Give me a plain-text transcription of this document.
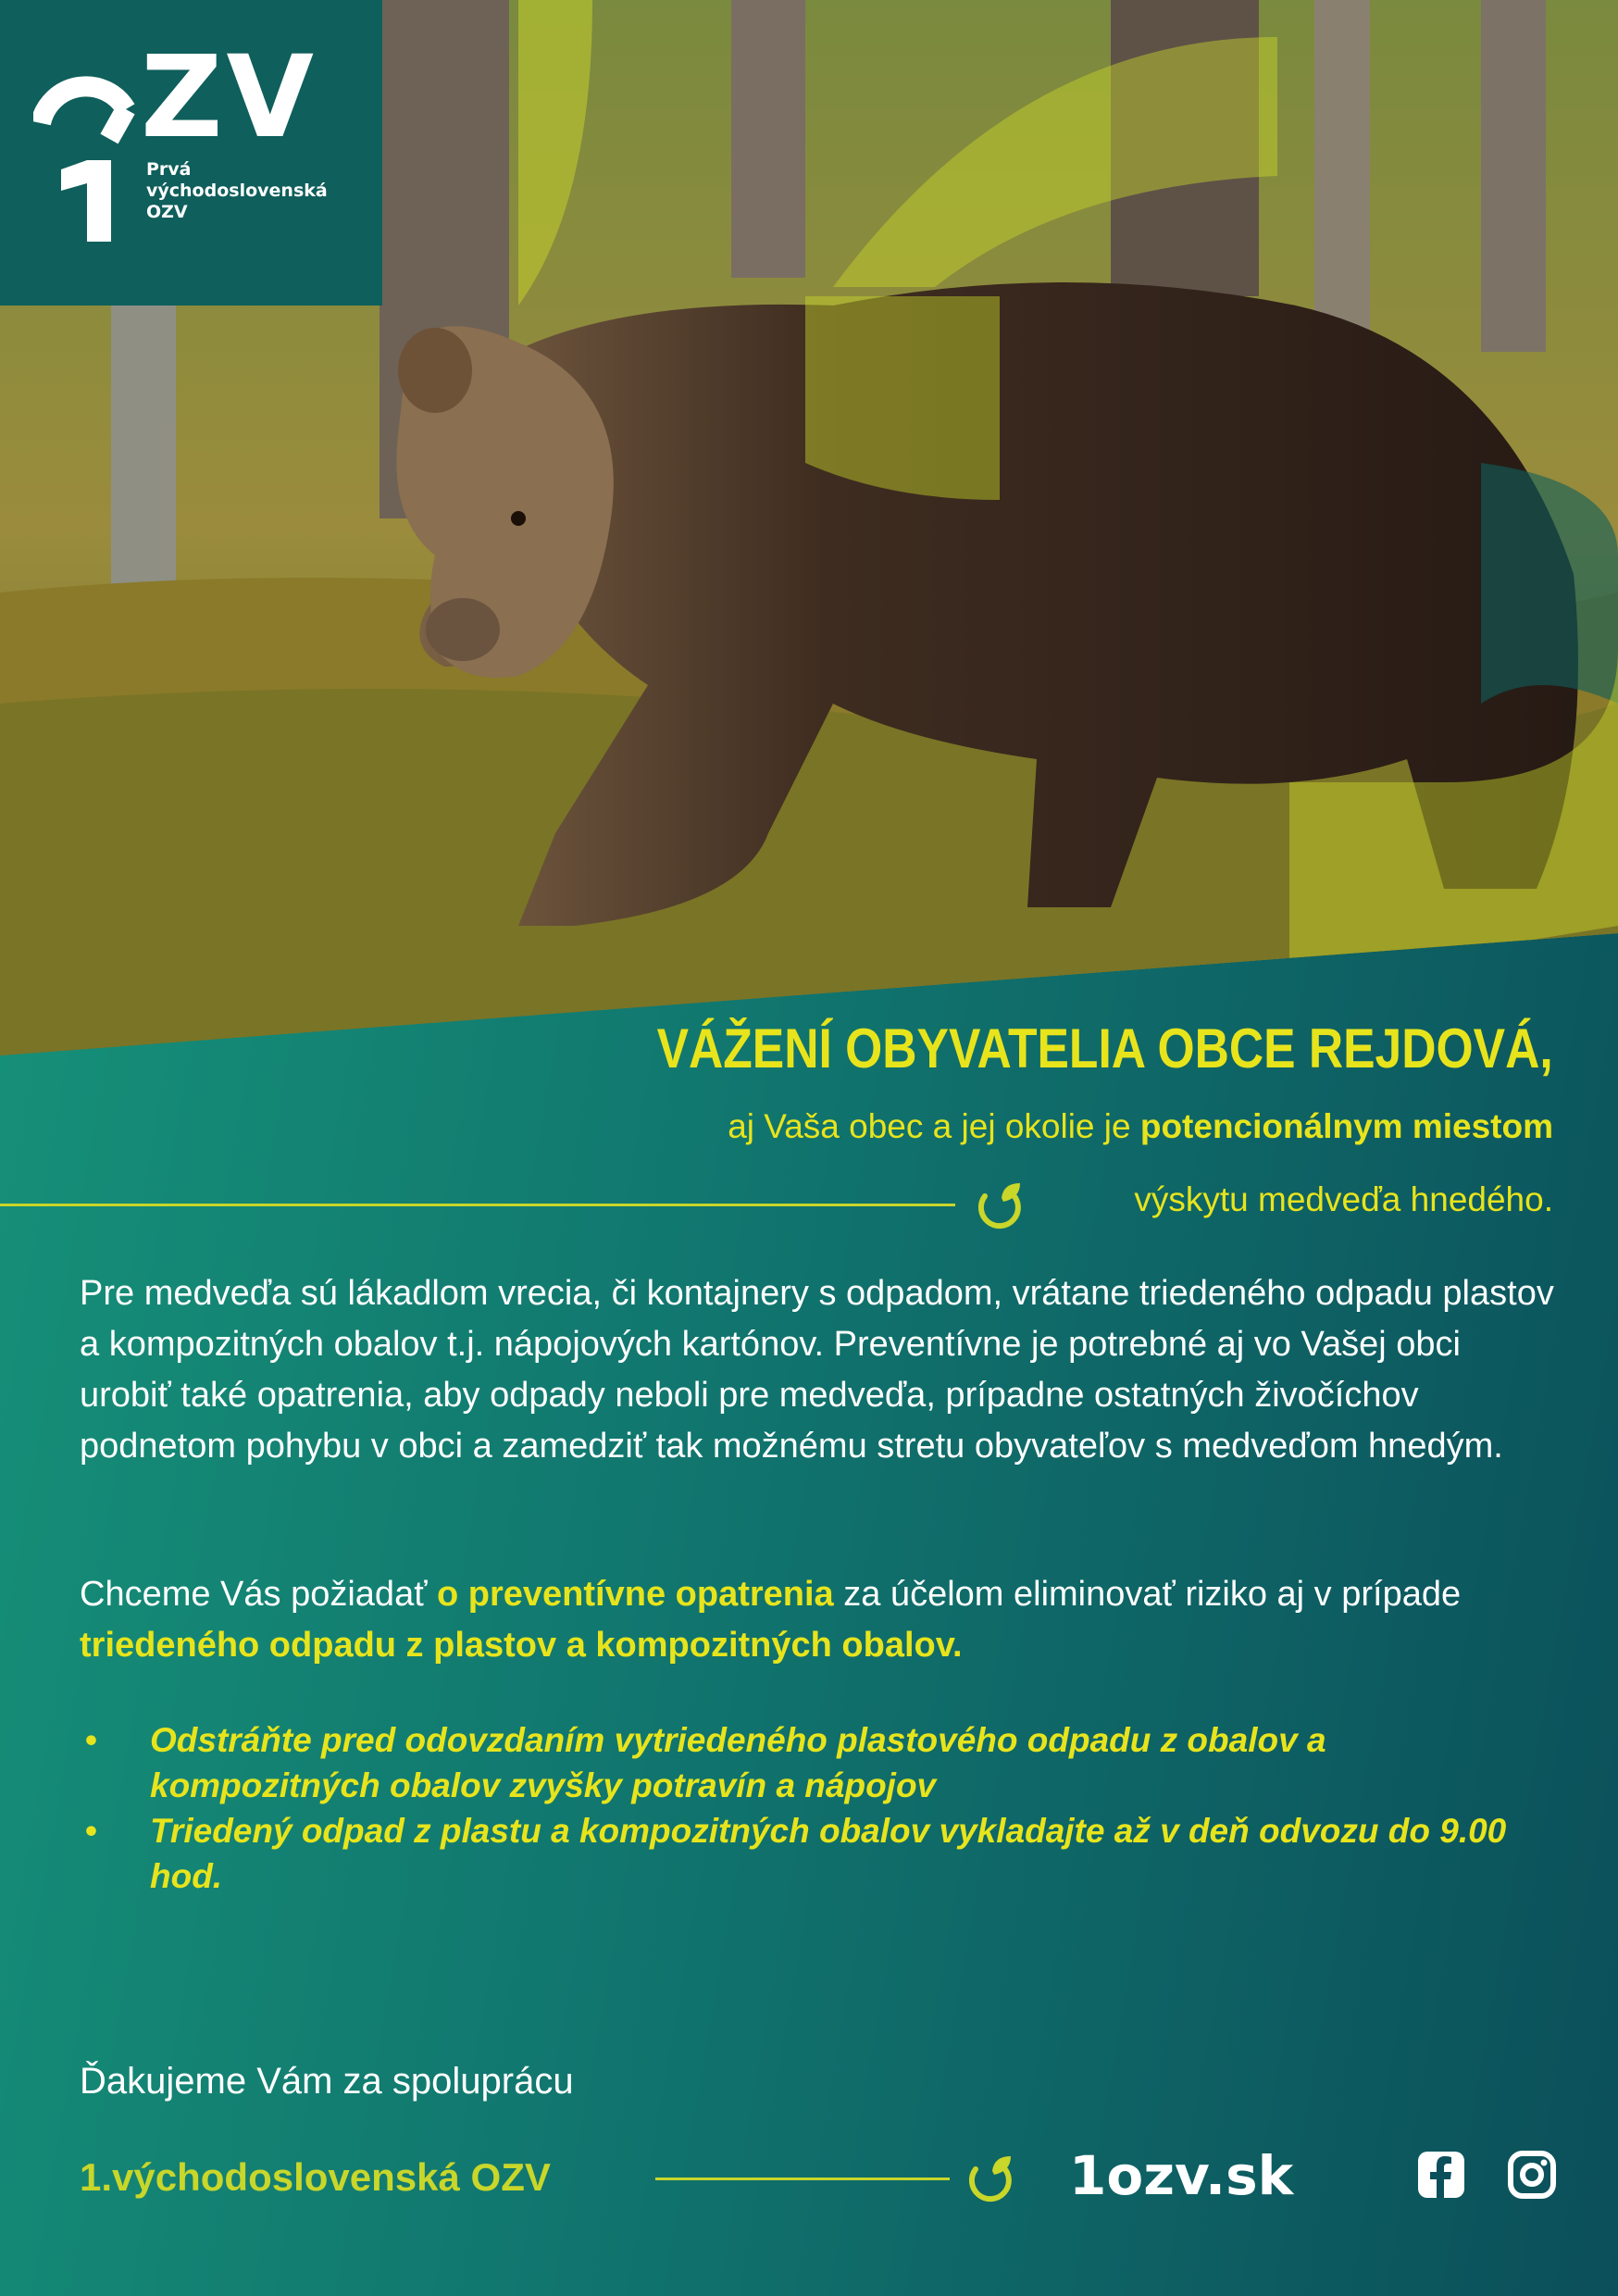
ZV
Prvá
východoslovenská
OZV
VÁŽENÍ OBYVATELIA OBCE REJDOVÁ,

aj Vaša obec a jej okolie je potencionálnym miestom

výskytu medveďa hnedého.

Pre medveďa sú lákadlom vrecia, či kontajnery s odpadom, vrátane triedeného odpadu plastov a kompozitných obalov t.j. nápojových kartónov. Preventívne je potrebné aj vo Vašej obci urobiť také opatrenia, aby odpady neboli pre medveďa, prípadne ostatných živočíchov podnetom pohybu v obci a zamedziť tak možnému stretu obyvateľov s medveďom hnedým.

Chceme Vás požiadať o preventívne opatrenia za účelom eliminovať riziko aj v prípade triedeného odpadu z plastov a kompozitných obalov.

• Odstráňte pred odovzdaním vytriedeného plastového odpadu z obalov a kompozitných obalov zvyšky potravín a nápojov
• Triedený odpad z plastu a kompozitných obalov vykladajte až v deň odvozu do 9.00 hod.

Ďakujeme Vám za spoluprácu

1.východoslovenská OZV	1ozv.sk
